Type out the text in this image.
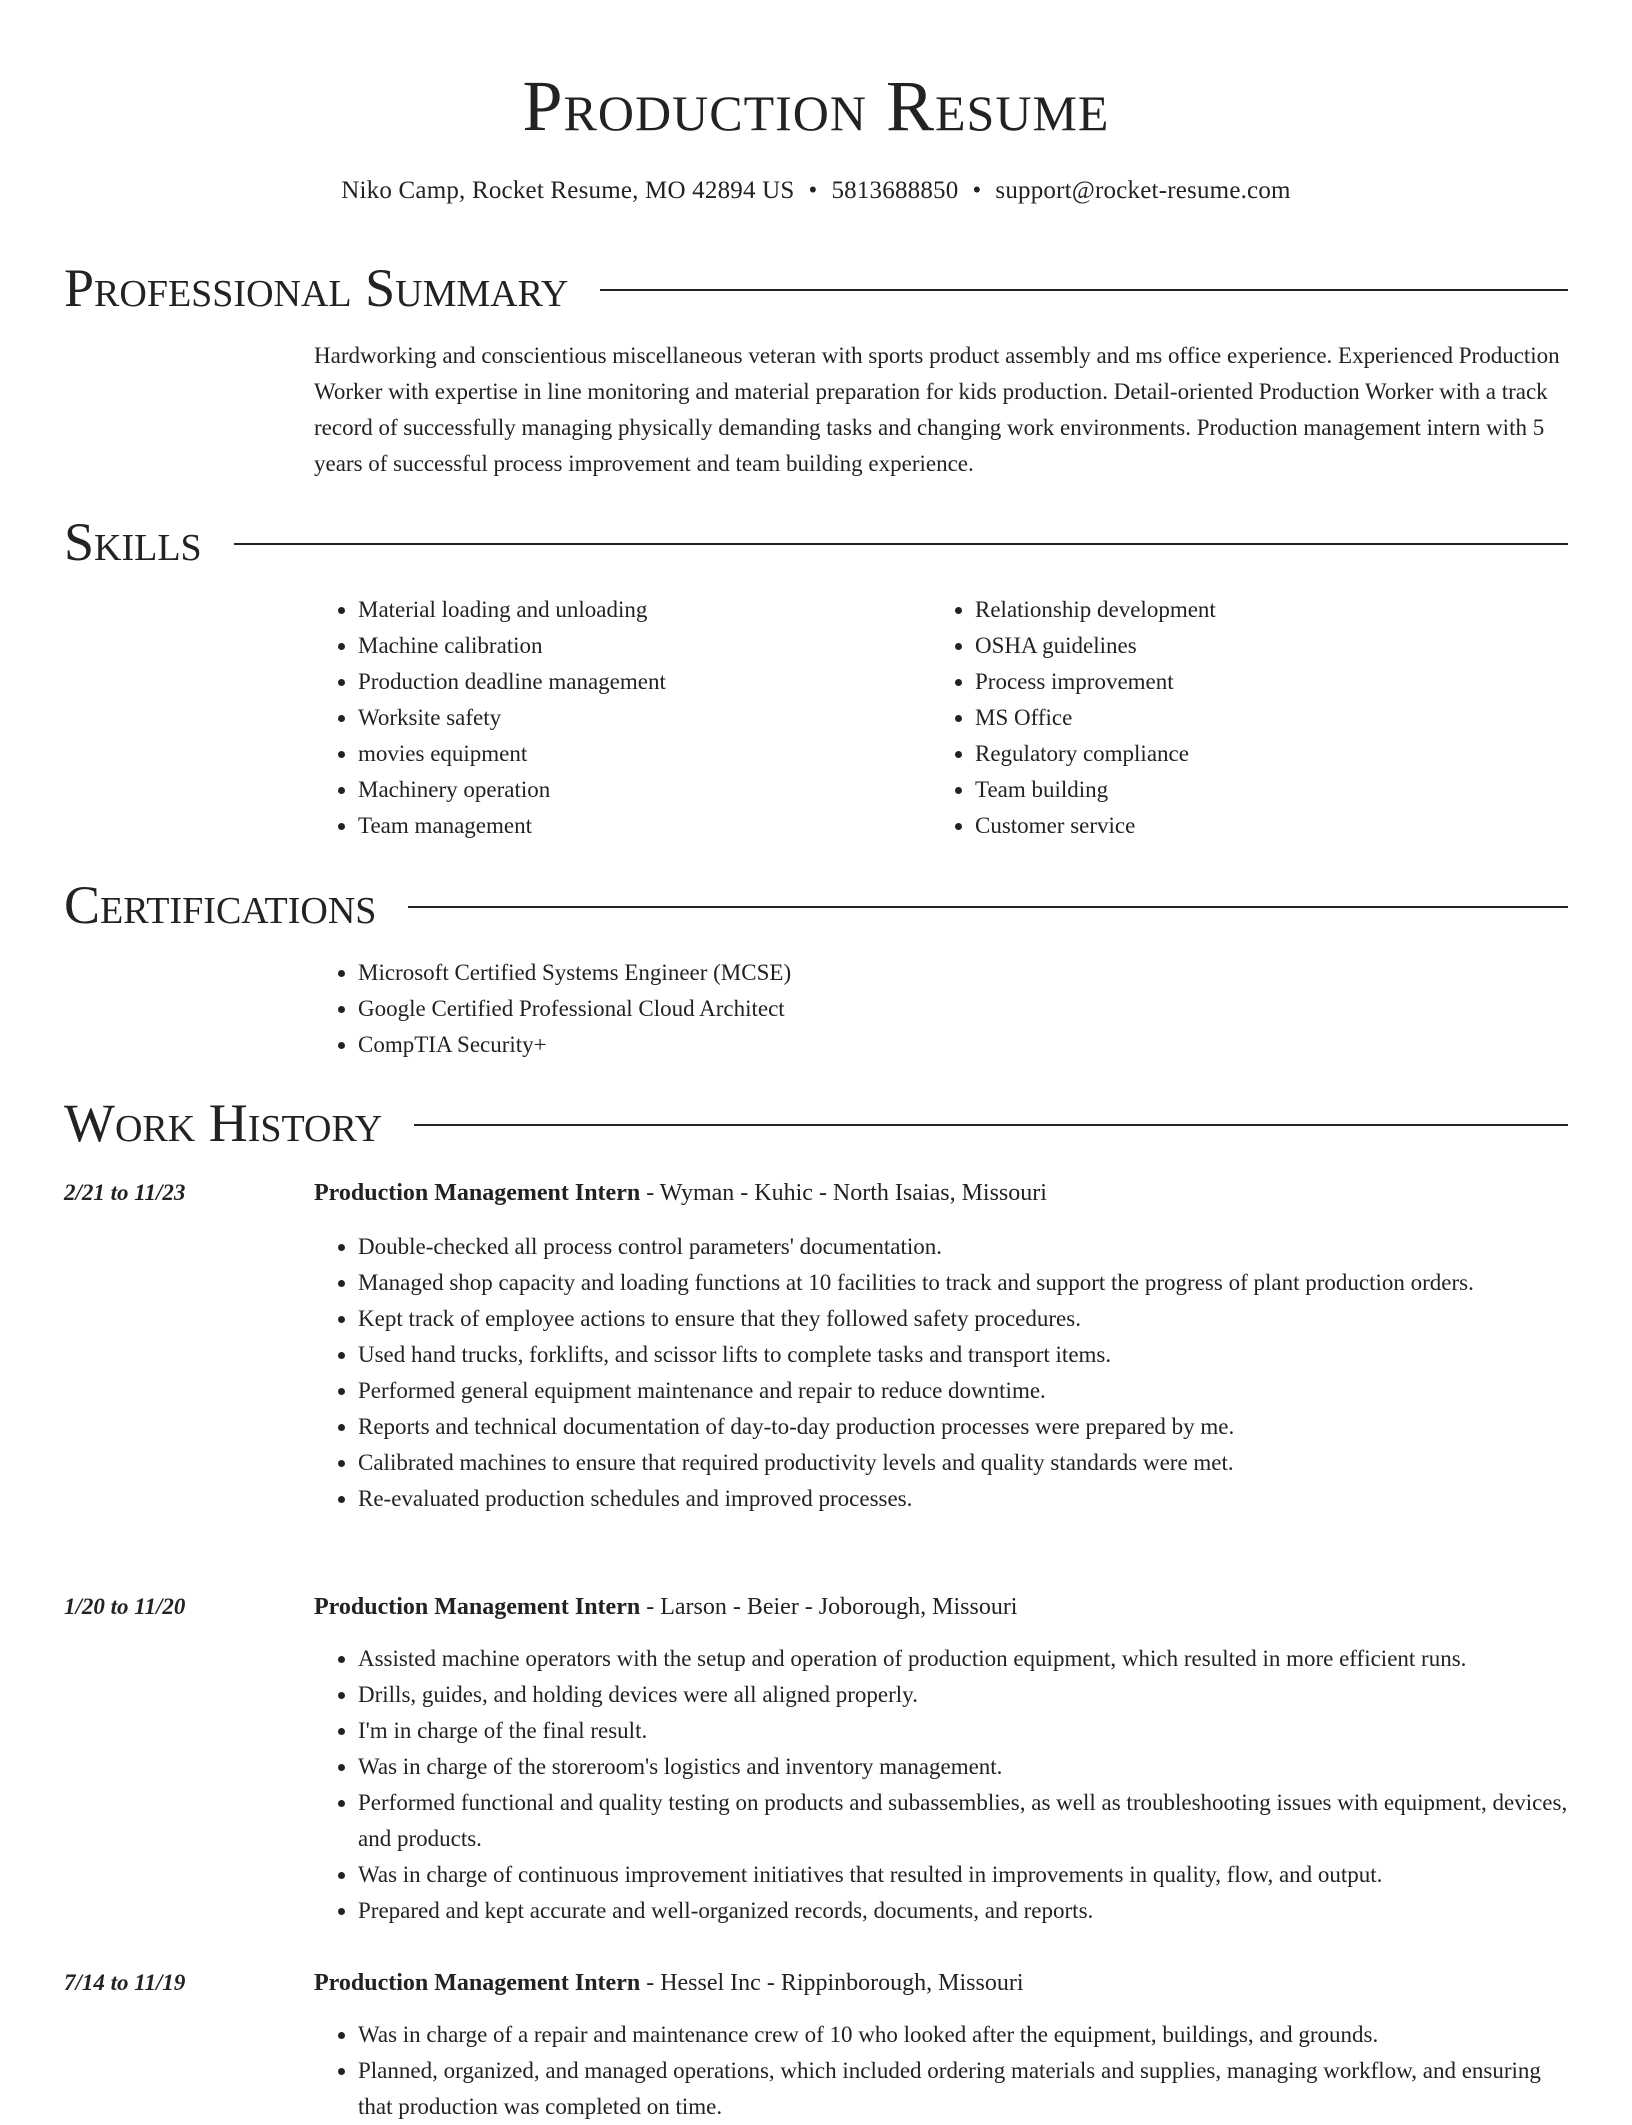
Production Resume
Niko Camp, Rocket Resume, MO 42894 US • 5813688850 • support@rocket-resume.com
Professional Summary
Hardworking and conscientious miscellaneous veteran with sports product assembly and ms office experience. Experienced Production Worker with expertise in line monitoring and material preparation for kids production. Detail-oriented Production Worker with a track record of successfully managing physically demanding tasks and changing work environments. Production management intern with 5 years of successful process improvement and team building experience.
Skills
• Material loading and unloading
• Machine calibration
• Production deadline management
• Worksite safety
• movies equipment
• Machinery operation
• Team management
• Relationship development
• OSHA guidelines
• Process improvement
• MS Office
• Regulatory compliance
• Team building
• Customer service
Certifications
• Microsoft Certified Systems Engineer (MCSE)
• Google Certified Professional Cloud Architect
• CompTIA Security+
Work History
2/21 to 11/23	Production Management Intern - Wyman - Kuhic - North Isaias, Missouri
• Double-checked all process control parameters' documentation.
• Managed shop capacity and loading functions at 10 facilities to track and support the progress of plant production orders.
• Kept track of employee actions to ensure that they followed safety procedures.
• Used hand trucks, forklifts, and scissor lifts to complete tasks and transport items.
• Performed general equipment maintenance and repair to reduce downtime.
• Reports and technical documentation of day-to-day production processes were prepared by me.
• Calibrated machines to ensure that required productivity levels and quality standards were met.
• Re-evaluated production schedules and improved processes.
1/20 to 11/20	Production Management Intern - Larson - Beier - Joborough, Missouri
• Assisted machine operators with the setup and operation of production equipment, which resulted in more efficient runs.
• Drills, guides, and holding devices were all aligned properly.
• I'm in charge of the final result.
• Was in charge of the storeroom's logistics and inventory management.
• Performed functional and quality testing on products and subassemblies, as well as troubleshooting issues with equipment, devices, and products.
• Was in charge of continuous improvement initiatives that resulted in improvements in quality, flow, and output.
• Prepared and kept accurate and well-organized records, documents, and reports.
7/14 to 11/19	Production Management Intern - Hessel Inc - Rippinborough, Missouri
• Was in charge of a repair and maintenance crew of 10 who looked after the equipment, buildings, and grounds.
• Planned, organized, and managed operations, which included ordering materials and supplies, managing workflow, and ensuring that production was completed on time.
